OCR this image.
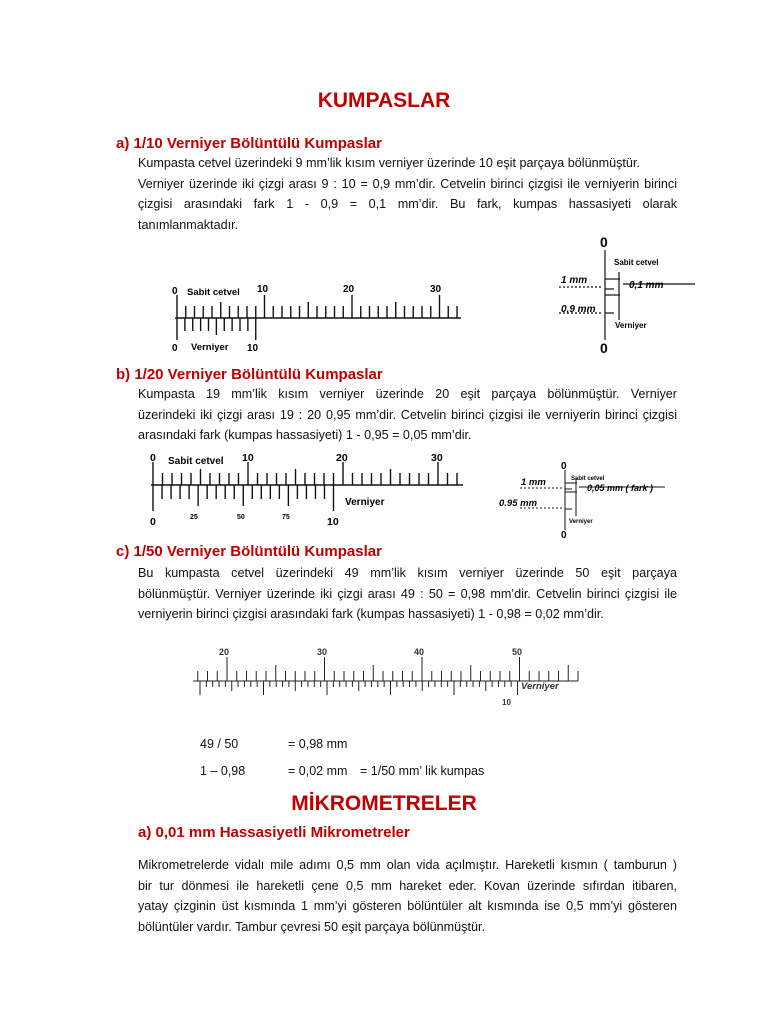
KUMPASLAR
a) 1/10 Verniyer Bölüntülü Kumpaslar
Kumpasta cetvel üzerindeki 9 mm’lik kısım verniyer üzerinde 10 eşit parçaya bölünmüştür.
Verniyer üzerinde iki çizgi arası 9 : 10 = 0,9 mm’dir. Cetvelin birinci çizgisi ile verniyerin birinci
çizgisi arasındaki fark 1 - 0,9 = 0,1 mm’dir. Bu fark, kumpas hassasiyeti olarak
tanımlanmaktadır.
0 Sabit cetvel 10	20	30
0 Verniyer 10
0
Sabit cetvel
1 mm	0,1 mm
0,9 mm
Verniyer
0
b) 1/20 Verniyer Bölüntülü Kumpaslar
Kumpasta 19 mm’lik kısım verniyer üzerinde 20 eşit parçaya bölünmüştür. Verniyer
üzerindeki iki çizgi arası 19 : 20 0,95 mm’dir. Cetvelin birinci çizgisi ile verniyerin birinci çizgisi
arasındaki fark (kumpas hassasiyeti) 1 - 0,95 = 0,05 mm’dir.
0 Sabit cetvel 10	20	30
Verniyer
25	50	75
0	10
0
Sabit cetvel
1 mm	0,05 mm ( fark )
0.95 mm
Verniyer
0
c) 1/50 Verniyer Bölüntülü Kumpaslar
Bu kumpasta cetvel üzerindeki 49 mm’lik kısım verniyer üzerinde 50 eşit parçaya
bölünmüştür. Verniyer üzerinde iki çizgi arası 49 : 50 = 0,98 mm’dir. Cetvelin birinci çizgisi ile
verniyerin birinci çizgisi arasındaki fark (kumpas hassasiyeti) 1 - 0,98 = 0,02 mm’dir.
20	30	40	50
Verniyer
10
49 / 50	= 0,98 mm
1 – 0,98	= 0,02 mm = 1/50 mm’ lik kumpas
MİKROMETRELER
a) 0,01 mm Hassasiyetli Mikrometreler
Mikrometrelerde vidalı mile adımı 0,5 mm olan vida açılmıştır. Hareketli kısmın ( tamburun )
bir tur dönmesi ile hareketli çene 0,5 mm hareket eder. Kovan üzerinde sıfırdan itibaren,
yatay çizginin üst kısmında 1 mm’yi gösteren bölüntüler alt kısmında ise 0,5 mm’yi gösteren
bölüntüler vardır. Tambur çevresi 50 eşit parçaya bölünmüştür.
